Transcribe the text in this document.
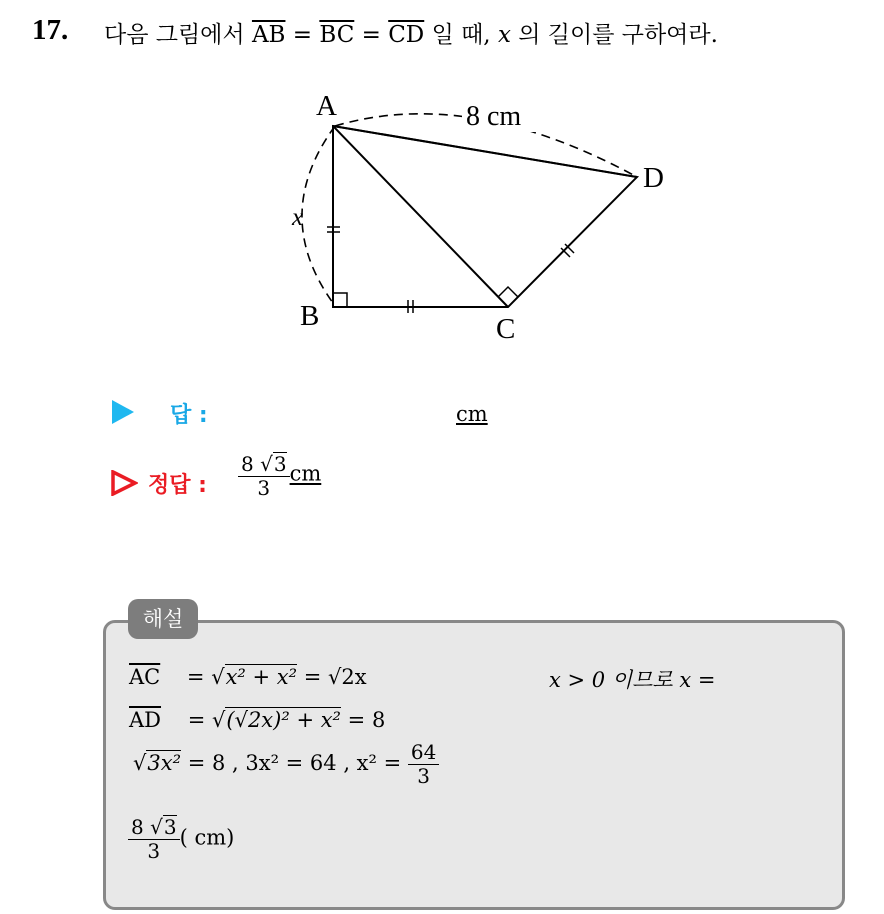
17. 다음 그림에서 $\overline{AB} = \overline{BC} = \overline{CD}$ 일 때, x 의 길이를 구하여라.
A
B	C
D
x
8 cm
답 :	cm
정답 : $\frac{8 √3}{3}$ cm
해설
$\overline{AC}$    = √x² + x² = √2x	x > 0 이므로 x =
$\overline{AD}$    = √(√2x)² + x² = 8
√3x² = 8 , 3x² = 64 , $x^2 = \frac{64}{3}$
$\frac{8 √3}{3}$ ( cm)
